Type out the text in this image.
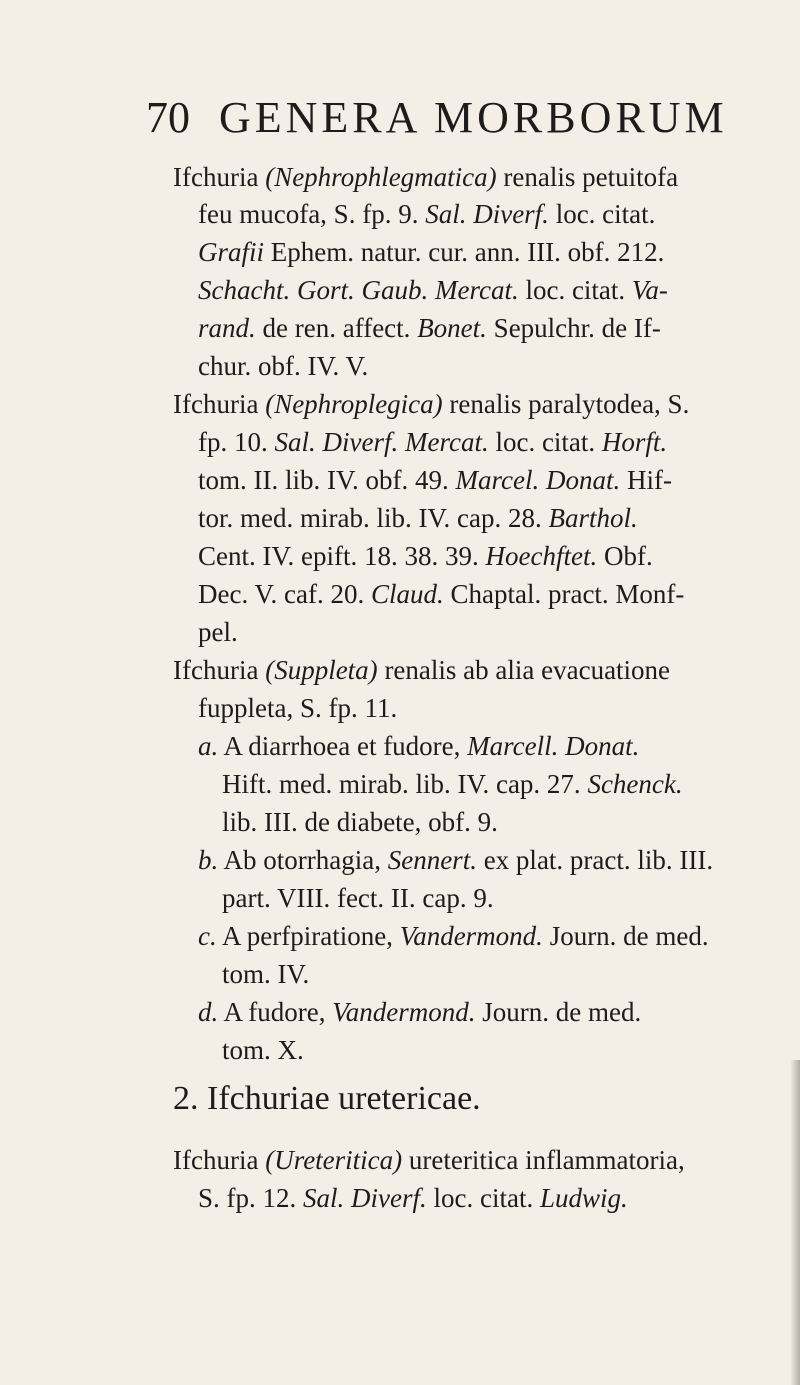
70 GENERA MORBORUM
Ifchuria (Nephrophlegmatica) renalis petuitofa
feu mucofa, S. fp. 9. Sal. Diverf. loc. citat.
Grafii Ephem. natur. cur. ann. III. obf. 212.
Schacht. Gort. Gaub. Mercat. loc. citat. Va-
rand. de ren. affect. Bonet. Sepulchr. de If-
chur. obf. IV. V.
Ifchuria (Nephroplegica) renalis paralytodea, S.
fp. 10. Sal. Diverf. Mercat. loc. citat. Horft.
tom. II. lib. IV. obf. 49. Marcel. Donat. Hif-
tor. med. mirab. lib. IV. cap. 28. Barthol.
Cent. IV. epift. 18. 38. 39. Hoechftet. Obf.
Dec. V. caf. 20. Claud. Chaptal. pract. Monf-
pel.
Ifchuria (Suppleta) renalis ab alia evacuatione
fuppleta, S. fp. 11.
a. A diarrhoea et fudore, Marcell. Donat.
Hift. med. mirab. lib. IV. cap. 27. Schenck.
lib. III. de diabete, obf. 9.
b. Ab otorrhagia, Sennert. ex plat. pract. lib. III.
part. VIII. fect. II. cap. 9.
c. A perfpiratione, Vandermond. Journ. de med.
tom. IV.
d. A fudore, Vandermond. Journ. de med.
tom. X.
2. Ifchuriae uretericae.
Ifchuria (Ureteritica) ureteritica inflammatoria,
S. fp. 12. Sal. Diverf. loc. citat. Ludwig.
